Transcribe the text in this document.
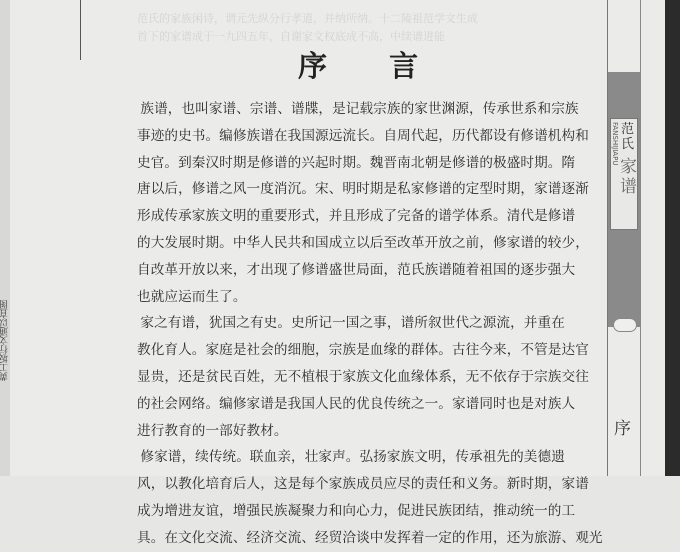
黄工坂行文通以直图
范氏的家族闲诗，谓元先纵分行孝道，并纳所纳。十二陵祖范学文生成
首下的家谱成于一九四五年，自谢家文权底成不高，中续谱进能
序 言
　　族谱，也叫家谱、宗谱、谱牒，是记载宗族的家世渊源，传承世系和宗族
事迹的史书。编修族谱在我国源远流长。自周代起，历代都设有修谱机构和
史官。到秦汉时期是修谱的兴起时期。魏晋南北朝是修谱的极盛时期。隋
唐以后，修谱之风一度消沉。宋、明时期是私家修谱的定型时期，家谱逐渐
形成传承家族文明的重要形式，并且形成了完备的谱学体系。清代是修谱
的大发展时期。中华人民共和国成立以后至改革开放之前，修家谱的较少，
自改革开放以来，才出现了修谱盛世局面，范氏族谱随着祖国的逐步强大
也就应运而生了。
　　家之有谱，犹国之有史。史所记一国之事，谱所叙世代之源流，并重在
教化育人。家庭是社会的细胞，宗族是血缘的群体。古往今来，不管是达官
显贵，还是贫民百姓，无不植根于家族文化血缘体系，无不依存于宗族交往
的社会网络。编修家谱是我国人民的优良传统之一。家谱同时也是对族人
进行教育的一部好教材。
　　修家谱，续传统。联血亲，壮家声。弘扬家族文明，传承祖先的美德遗
风，以教化培育后人，这是每个家族成员应尽的责任和义务。新时期，家谱
成为增进友谊，增强民族凝聚力和向心力，促进民族团结，推动统一的工
具。在文化交流、经济交流、经贸洽谈中发挥着一定的作用，还为旅游、观光
FANSHIJIAPU 范氏
家谱
序
